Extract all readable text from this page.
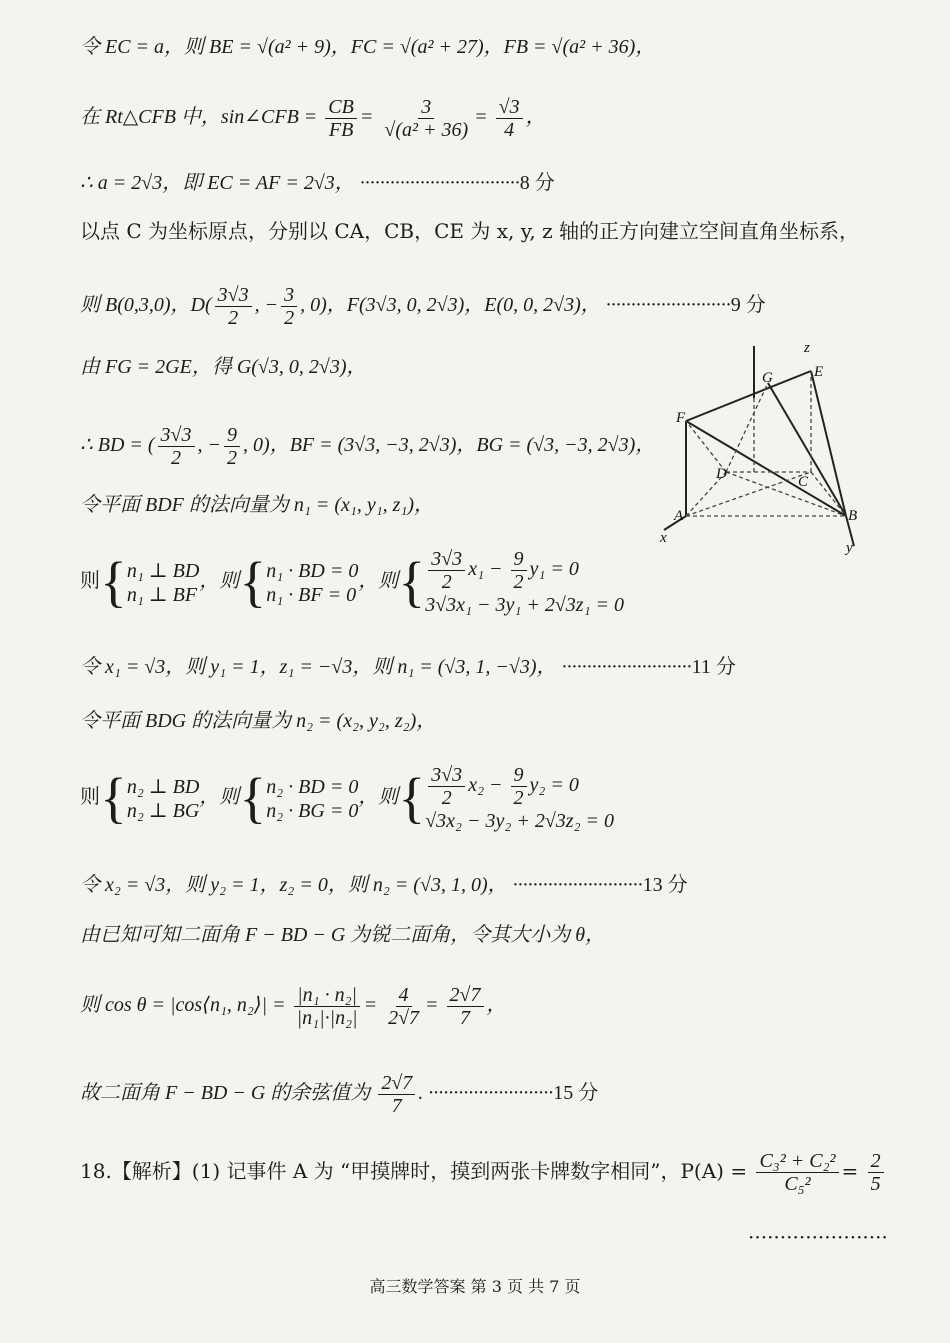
令 EC = a，则 BE = √(a² + 9)，FC = √(a² + 27)，FB = √(a² + 36)，
在 Rt△CFB 中，sin∠CFB = $\frac{CB}{FB} = \frac{3}{\text{√(a² + 36)}} = \frac{√3}{4}$ ，
∴ a = 2√3，即 EC = AF = 2√3， ································8 分
以点 C 为坐标原点，分别以 CA，CB，CE 为 x, y, z 轴的正方向建立空间直角坐标系，
则 B(0,3,0)，$D( \frac{3√3}{2}$ , − $\frac{3}{2}$ , 0)，F(3√3, 0, 2√3)，E(0, 0, 2√3)， ·························9 分
由 FG = 2GE，得 G(√3, 0, 2√3)，
∴ BD = ( $\frac{3√3}{2}$ , − $\frac{9}{2}$ , 0)，BF = (3√3, −3, 2√3)，BG = (√3, −3, 2√3)，
令平面 BDF 的法向量为 n₁ = (x₁, y₁, z₁)，
则{ n₁ ⊥ BD
n₁ ⊥ BF
，则{ n₁ · BD = 0
n₁ · BF = 0
，则{ $\frac{3√3}{2} x_1 - \frac{9}{2} y_1 = 0$
3√3x₁ − 3y₁ + 2√3z₁ = 0
令 x₁ = √3，则 y₁ = 1，z₁ = −√3，则 n₁ = (√3, 1, −√3)， ··························11 分
令平面 BDG 的法向量为 n₂ = (x₂, y₂, z₂)，
则{ n₂ ⊥ BD
n₂ ⊥ BG
，则{ n₂ · BD = 0
n₂ · BG = 0
，则{ $\frac{3√3}{2} x_2 - \frac{9}{2} y_2 = 0$
√3x₂ − 3y₂ + 2√3z₂ = 0
令 x₂ = √3，则 y₂ = 1，z₂ = 0，则 n₂ = (√3, 1, 0)， ··························13 分
由已知可知二面角 F − BD − G 为锐二面角，令其大小为 θ，
则 cos θ = |cos⟨n₁, n₂⟩| = $\frac{\text{|n₁ · n₂|}}{\text{|n₁|·|n₂|}} = \frac{4}{2√7} = \frac{2√7}{7}$ ，
故二面角 F − BD − G 的余弦值为 $\frac{2√7}{7}$ . ·························15 分
18.【解析】(1) 记事件 A 为 “甲摸牌时，摸到两张卡牌数字相同”，$P(A) = \frac{\text{C₃² + C₂²}}{\text{C₅²}} = \frac{2}{5}$
······················
z
G	E
F
D	C
A	B
x
y
高三数学答案 第 3 页 共 7 页
